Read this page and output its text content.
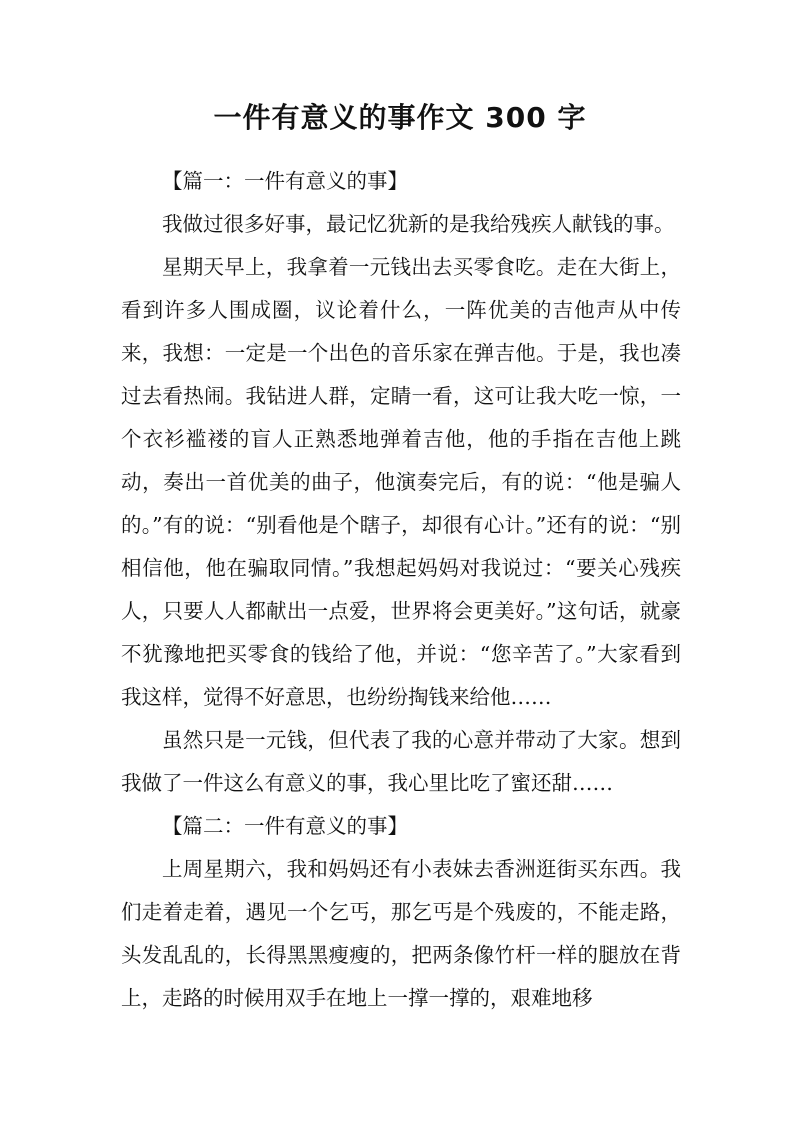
一件有意义的事作文 300 字

【篇一：一件有意义的事】

我做过很多好事，最记忆犹新的是我给残疾人献钱的事。

星期天早上，我拿着一元钱出去买零食吃。走在大街上，看到许多人围成圈，议论着什么，一阵优美的吉他声从中传来，我想：一定是一个出色的音乐家在弹吉他。于是，我也凑过去看热闹。我钻进人群，定睛一看，这可让我大吃一惊，一个衣衫褴褛的盲人正熟悉地弹着吉他，他的手指在吉他上跳动，奏出一首优美的曲子，他演奏完后，有的说：“他是骗人的。”有的说：“别看他是个瞎子，却很有心计。”还有的说：“别相信他，他在骗取同情。”我想起妈妈对我说过：“要关心残疾人，只要人人都献出一点爱，世界将会更美好。”这句话，就豪不犹豫地把买零食的钱给了他，并说：“您辛苦了。”大家看到我这样，觉得不好意思，也纷纷掏钱来给他……

虽然只是一元钱，但代表了我的心意并带动了大家。想到我做了一件这么有意义的事，我心里比吃了蜜还甜……

【篇二：一件有意义的事】

上周星期六，我和妈妈还有小表妹去香洲逛街买东西。我们走着走着，遇见一个乞丐，那乞丐是个残废的，不能走路，头发乱乱的，长得黑黑瘦瘦的，把两条像竹杆一样的腿放在背上，走路的时候用双手在地上一撑一撑的，艰难地移
